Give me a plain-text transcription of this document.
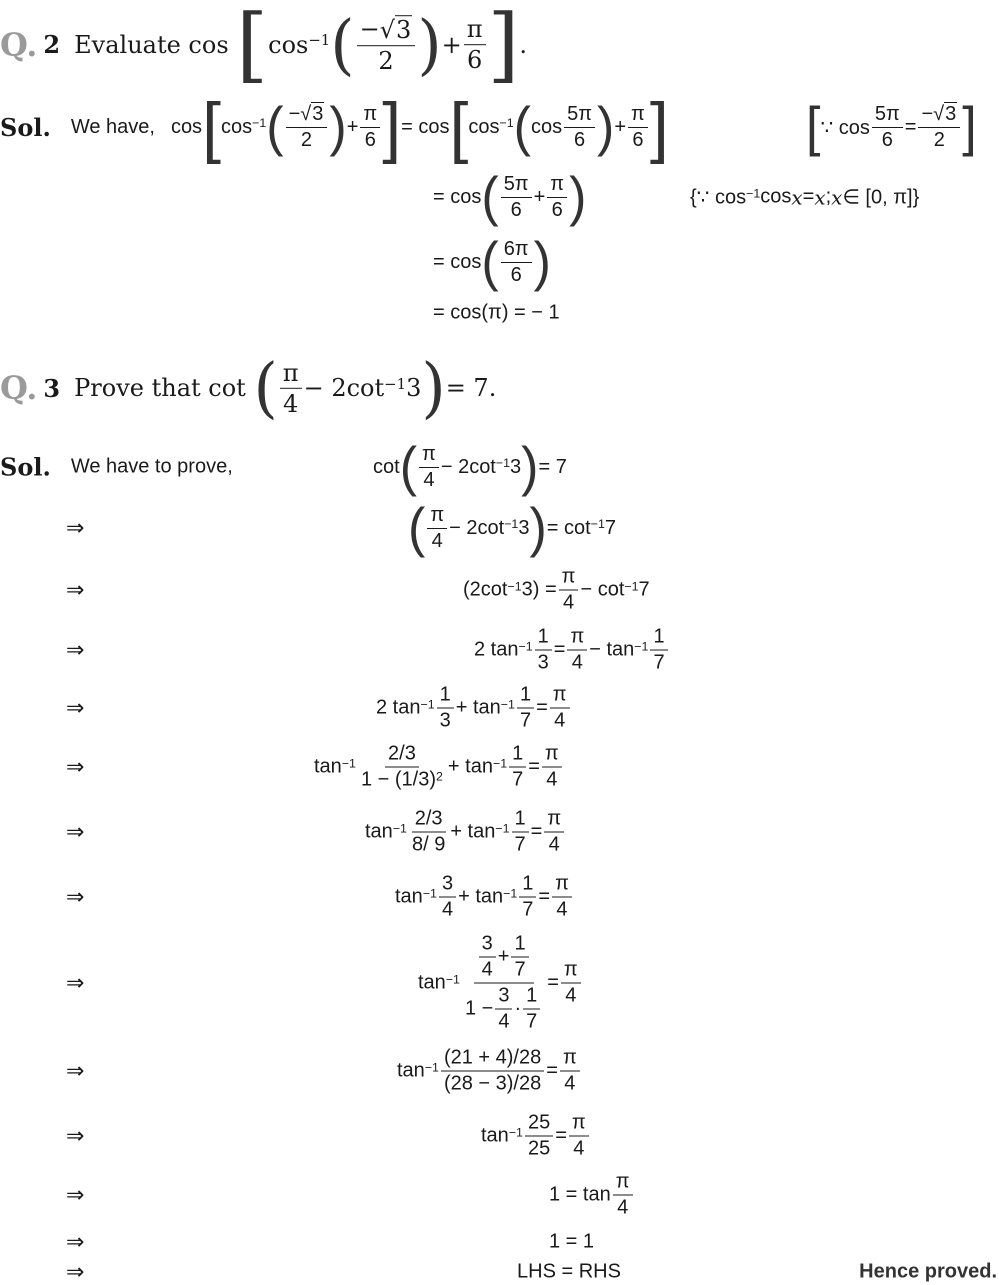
Q. 2 Evaluate cos
[ $\cos^{-1}$ ( $\frac{- √ 3}{2}$ ) + $\frac{\pi}{6}$ ] .
Sol. We have, cos [ $\cos^{-1}$ ( $\frac{- √ 3}{2}$ ) + $\frac{\pi}{6}$ ] = cos [ $\cos^{-1}$ ( $\cos \frac{5\pi}{6}$ ) + $\frac{\pi}{6}$ ]	[ ∵ $\cos \frac{5\pi}{6} = \frac{- √ 3}{2}$ ]
= cos ( $\frac{5\pi}{6} + \frac{\pi}{6}$ )	{∵ $\cos^{-1} \cos x = x$ ; x ∈ [0, π]}
= cos ( $\frac{6\pi}{6}$ )
= cos(π) = − 1
Q. 3 Prove that cot
( $\frac{\pi}{4} - 2\cot^{-1}$ 3 ) = 7.
Sol. We have to prove,	cot ( $\frac{\pi}{4} - 2\cot^{-1}$ 3 ) = 7
⇒	( $\frac{\pi}{4} - 2\cot^{-1}$ 3 ) = $\cot^{-1} 7$
⇒	($2\cot^{-1}$ $3) = \frac{\pi}{4} - \cot^{-1} 7$
⇒	2 $\tan^{-1} \frac{1}{3} = \frac{\pi}{4} - \tan^{-1} \frac{1}{7}$
⇒	2 $\tan^{-1} \frac{1}{3} + \tan^{-1} \frac{1}{7} = \frac{\pi}{4}$
⇒	$\tan^{-1} \frac{2/3}{1 - (1/3)^2} + \tan^{-1} \frac{1}{7} = \frac{\pi}{4}$
⇒	$\tan^{-1} \frac{2/3}{8/ 9} + \tan^{-1} \frac{1}{7} = \frac{\pi}{4}$
⇒	$\tan^{-1} \frac{3}{4} + \tan^{-1} \frac{1}{7} = \frac{\pi}{4}$
⇒	$\tan^{-1} \frac{\frac{3}{4} + \frac{1}{7}}{1 - \frac{3}{4} \cdot \frac{1}{7}} = \frac{\pi}{4}$
⇒	$\tan^{-1} \frac{(21 + 4)/28}{(28 - 3)/28} = \frac{\pi}{4}$
⇒	$\tan^{-1} \frac{25}{25} = \frac{\pi}{4}$
⇒	$1 = \tan \frac{\pi}{4}$
⇒	1 = 1
⇒	LHS = RHS	Hence proved.
